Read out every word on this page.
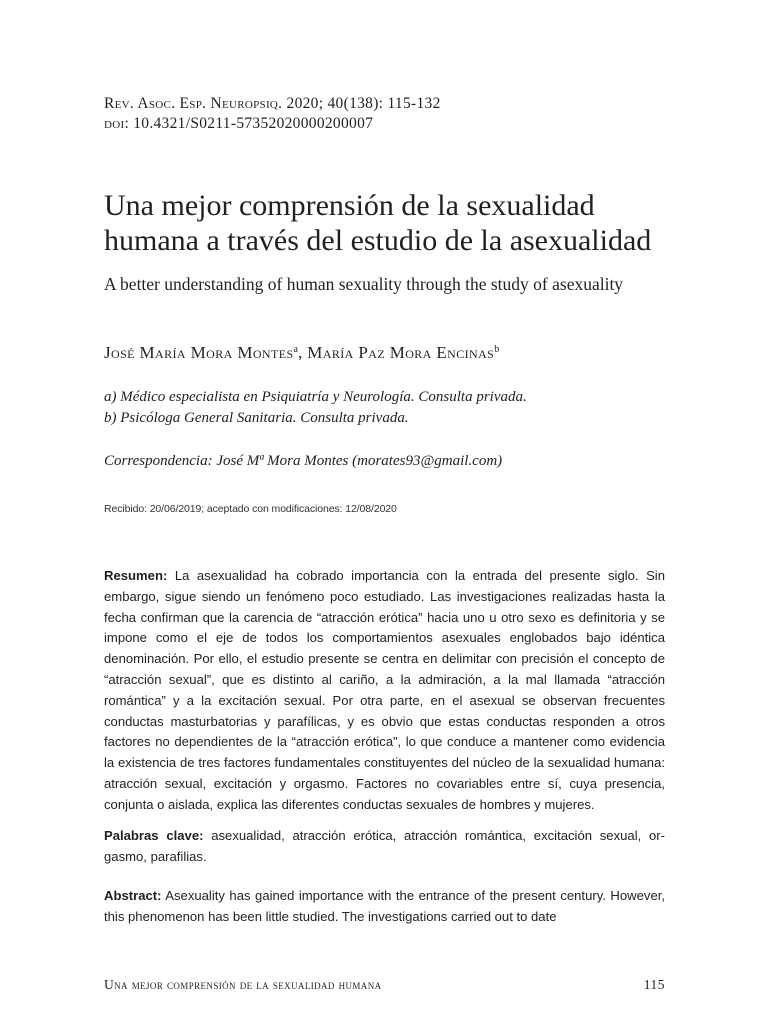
Rev. Asoc. Esp. Neuropsiq. 2020; 40(138): 115-132
doi: 10.4321/S0211-57352020000200007
Una mejor comprensión de la sexualidad humana a través del estudio de la asexualidad
A better understanding of human sexuality through the study of asexuality
José María Mora Montes$^a$, María Paz Mora Encinas$^b$
a) Médico especialista en Psiquiatría y Neurología. Consulta privada.
b) Psicóloga General Sanitaria. Consulta privada.
Correspondencia: José Mª Mora Montes (morates93@gmail.com)
Recibido: 20/06/2019; aceptado con modificaciones: 12/08/2020

Resumen: La asexualidad ha cobrado importancia con la entrada del presente siglo. Sin embargo, sigue siendo un fenómeno poco estudiado. Las investigaciones realizadas hasta la fecha confirman que la carencia de “atracción erótica” hacia uno u otro sexo es definitoria y se impone como el eje de todos los comportamientos asexuales englobados bajo idéntica denominación. Por ello, el estudio presente se centra en delimitar con precisión el concepto de “atracción sexual”, que es distinto al cariño, a la admiración, a la mal llamada “atracción romántica” y a la excitación sexual. Por otra parte, en el asexual se observan frecuentes conductas masturbatorias y parafílicas, y es obvio que estas conductas responden a otros factores no dependientes de la “atracción erótica”, lo que conduce a mantener como evidencia la existencia de tres factores fundamentales constituyentes del núcleo de la sexualidad humana: atracción sexual, excitación y orgasmo. Factores no covariables entre sí, cuya presencia, conjunta o aislada, explica las diferentes conductas sexuales de hombres y mujeres.

Palabras clave: asexualidad, atracción erótica, atracción romántica, excitación sexual, orgasmo, parafilias.

Abstract: Asexuality has gained importance with the entrance of the present century. However, this phenomenon has been little studied. The investigations carried out to date

Una mejor comprensión de la sexualidad humana	115
